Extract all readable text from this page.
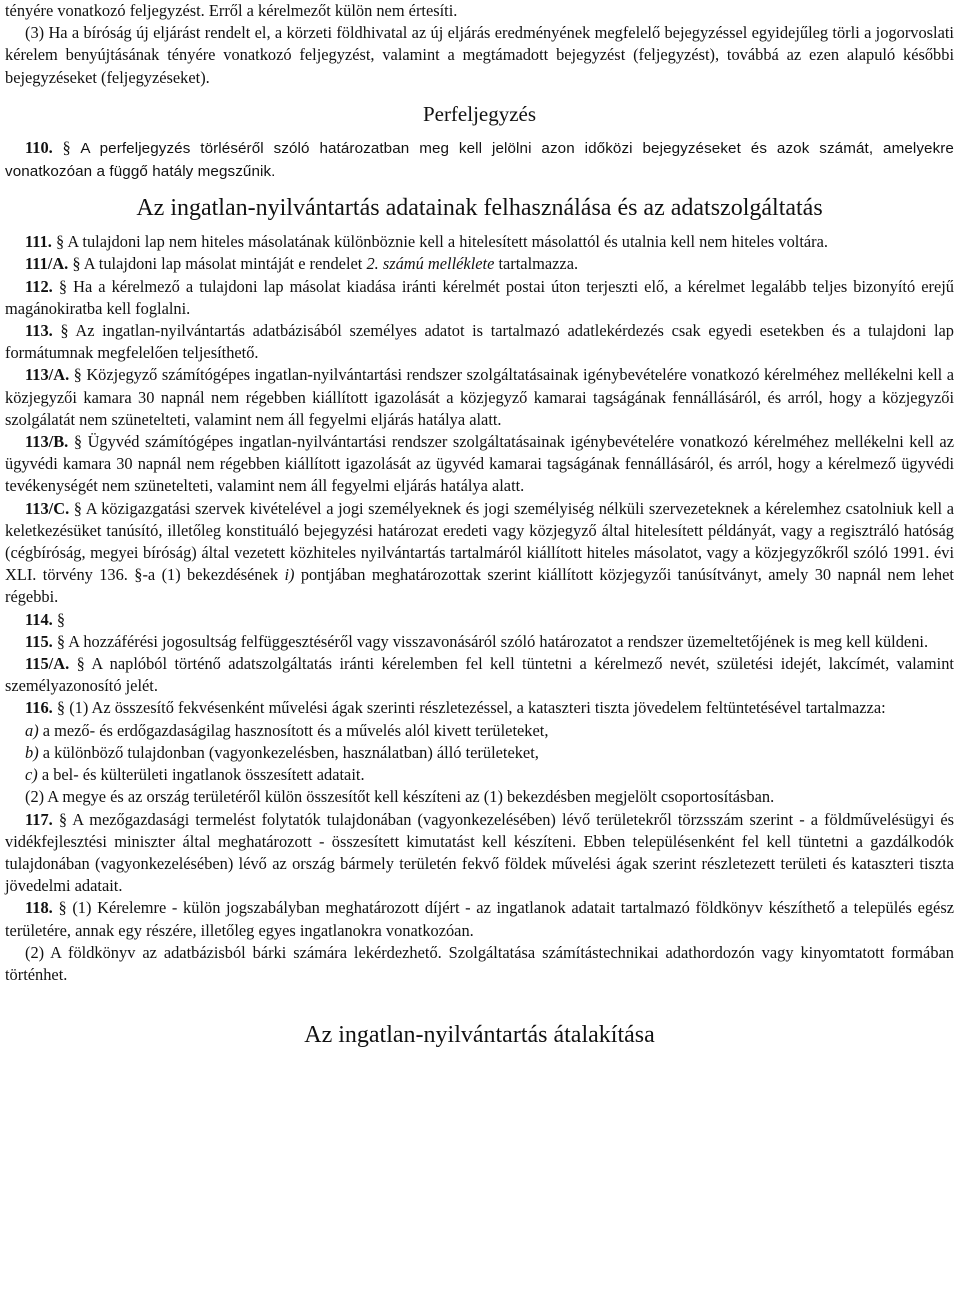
tényére vonatkozó feljegyzést. Erről a kérelmezőt külön nem értesíti.

(3) Ha a bíróság új eljárást rendelt el, a körzeti földhivatal az új eljárás eredményének megfelelő bejegyzéssel egyidejűleg törli a jogorvoslati kérelem benyújtásának tényére vonatkozó feljegyzést, valamint a megtámadott bejegyzést (feljegyzést), továbbá az ezen alapuló későbbi bejegyzéseket (feljegyzéseket).

Perfeljegyzés

110. § A perfeljegyzés törléséről szóló határozatban meg kell jelölni azon időközi bejegyzéseket és azok számát, amelyekre vonatkozóan a függő hatály megszűnik.

Az ingatlan-nyilvántartás adatainak felhasználása és az adatszolgáltatás

111. § A tulajdoni lap nem hiteles másolatának különböznie kell a hitelesített másolattól és utalnia kell nem hiteles voltára.

111/A. § A tulajdoni lap másolat mintáját e rendelet 2. számú melléklete tartalmazza.

112. § Ha a kérelmező a tulajdoni lap másolat kiadása iránti kérelmét postai úton terjeszti elő, a kérelmet legalább teljes bizonyító erejű magánokiratba kell foglalni.

113. § Az ingatlan-nyilvántartás adatbázisából személyes adatot is tartalmazó adatlekérdezés csak egyedi esetekben és a tulajdoni lap formátumnak megfelelően teljesíthető.

113/A. § Közjegyző számítógépes ingatlan-nyilvántartási rendszer szolgáltatásainak igénybevételére vonatkozó kérelméhez mellékelni kell a közjegyzői kamara 30 napnál nem régebben kiállított igazolását a közjegyző kamarai tagságának fennállásáról, és arról, hogy a közjegyzői szolgálatát nem szünetelteti, valamint nem áll fegyelmi eljárás hatálya alatt.

113/B. § Ügyvéd számítógépes ingatlan-nyilvántartási rendszer szolgáltatásainak igénybevételére vonatkozó kérelméhez mellékelni kell az ügyvédi kamara 30 napnál nem régebben kiállított igazolását az ügyvéd kamarai tagságának fennállásáról, és arról, hogy a kérelmező ügyvédi tevékenységét nem szünetelteti, valamint nem áll fegyelmi eljárás hatálya alatt.

113/C. § A közigazgatási szervek kivételével a jogi személyeknek és jogi személyiség nélküli szervezeteknek a kérelemhez csatolniuk kell a keletkezésüket tanúsító, illetőleg konstituáló bejegyzési határozat eredeti vagy közjegyző által hitelesített példányát, vagy a regisztráló hatóság (cégbíróság, megyei bíróság) által vezetett közhiteles nyilvántartás tartalmáról kiállított hiteles másolatot, vagy a közjegyzőkről szóló 1991. évi XLI. törvény 136. §-a (1) bekezdésének i) pontjában meghatározottak szerint kiállított közjegyzői tanúsítványt, amely 30 napnál nem lehet régebbi.

114. §

115. § A hozzáférési jogosultság felfüggesztéséről vagy visszavonásáról szóló határozatot a rendszer üzemeltetőjének is meg kell küldeni.

115/A. § A naplóból történő adatszolgáltatás iránti kérelemben fel kell tüntetni a kérelmező nevét, születési idejét, lakcímét, valamint személyazonosító jelét.

116. § (1) Az összesítő fekvésenként művelési ágak szerinti részletezéssel, a kataszteri tiszta jövedelem feltüntetésével tartalmazza:

a) a mező- és erdőgazdaságilag hasznosított és a művelés alól kivett területeket,

b) a különböző tulajdonban (vagyonkezelésben, használatban) álló területeket,

c) a bel- és külterületi ingatlanok összesített adatait.

(2) A megye és az ország területéről külön összesítőt kell készíteni az (1) bekezdésben megjelölt csoportosításban.

117. § A mezőgazdasági termelést folytatók tulajdonában (vagyonkezelésében) lévő területekről törzsszám szerint - a földművelésügyi és vidékfejlesztési miniszter által meghatározott - összesített kimutatást kell készíteni. Ebben településenként fel kell tüntetni a gazdálkodók tulajdonában (vagyonkezelésében) lévő az ország bármely területén fekvő földek művelési ágak szerint részletezett területi és kataszteri tiszta jövedelmi adatait.

118. § (1) Kérelemre - külön jogszabályban meghatározott díjért - az ingatlanok adatait tartalmazó földkönyv készíthető a település egész területére, annak egy részére, illetőleg egyes ingatlanokra vonatkozóan.

(2) A földkönyv az adatbázisból bárki számára lekérdezhető. Szolgáltatása számítástechnikai adathordozón vagy kinyomtatott formában történhet.

Az ingatlan-nyilvántartás átalakítása
